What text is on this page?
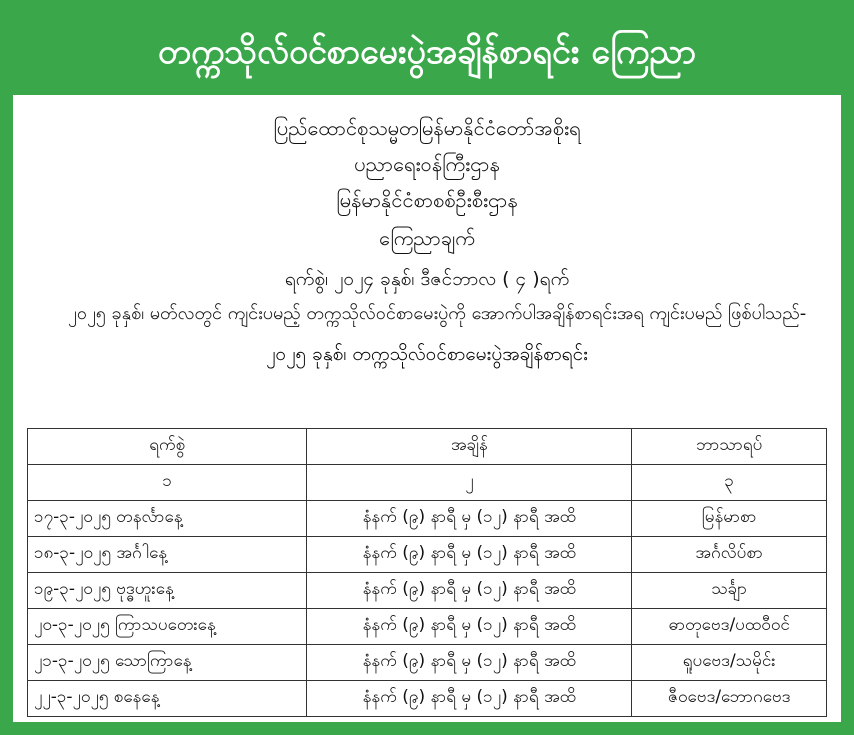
တက္ကသိုလ်ဝင်စာမေးပွဲအချိန်စာရင်း ကြေညာ
ပြည်ထောင်စုသမ္မတမြန်မာနိုင်ငံတော်အစိုးရ
ပညာရေးဝန်ကြီးဌာန
မြန်မာနိုင်ငံစာစစ်ဦးစီးဌာန
ကြေညာချက်
ရက်စွဲ၊ ၂၀၂၄ ခုနှစ်၊ ဒီဇင်ဘာလ ( ၄ )ရက်
၂၀၂၅ ခုနှစ်၊ မတ်လတွင် ကျင်းပမည့် တက္ကသိုလ်ဝင်စာမေးပွဲကို အောက်ပါအချိန်စာရင်းအရ ကျင်းပမည် ဖြစ်ပါသည်-
၂၀၂၅ ခုနှစ်၊ တက္ကသိုလ်ဝင်စာမေးပွဲအချိန်စာရင်း
ရက်စွဲ	အချိန်	ဘာသာရပ်
၁	၂	၃
၁၇-၃-၂၀၂၅ တနင်္လာနေ့	နံနက် (၉) နာရီ မှ (၁၂) နာရီ အထိ	မြန်မာစာ
၁၈-၃-၂၀၂၅ အင်္ဂါနေ့	နံနက် (၉) နာရီ မှ (၁၂) နာရီ အထိ	အင်္ဂလိပ်စာ
၁၉-၃-၂၀၂၅ ဗုဒ္ဓဟူးနေ့	နံနက် (၉) နာရီ မှ (၁၂) နာရီ အထိ	သင်္ချာ
၂၀-၃-၂၀၂၅ ကြာသပတေးနေ့	နံနက် (၉) နာရီ မှ (၁၂) နာရီ အထိ	ဓာတုဗေဒ/ပထဝီဝင်
၂၁-၃-၂၀၂၅ သောကြာနေ့	နံနက် (၉) နာရီ မှ (၁၂) နာရီ အထိ	ရူပဗေဒ/သမိုင်း
၂၂-၃-၂၀၂၅ စနေနေ့	နံနက် (၉) နာရီ မှ (၁၂) နာရီ အထိ	ဇီဝဗေဒ/ဘောဂဗေဒ
